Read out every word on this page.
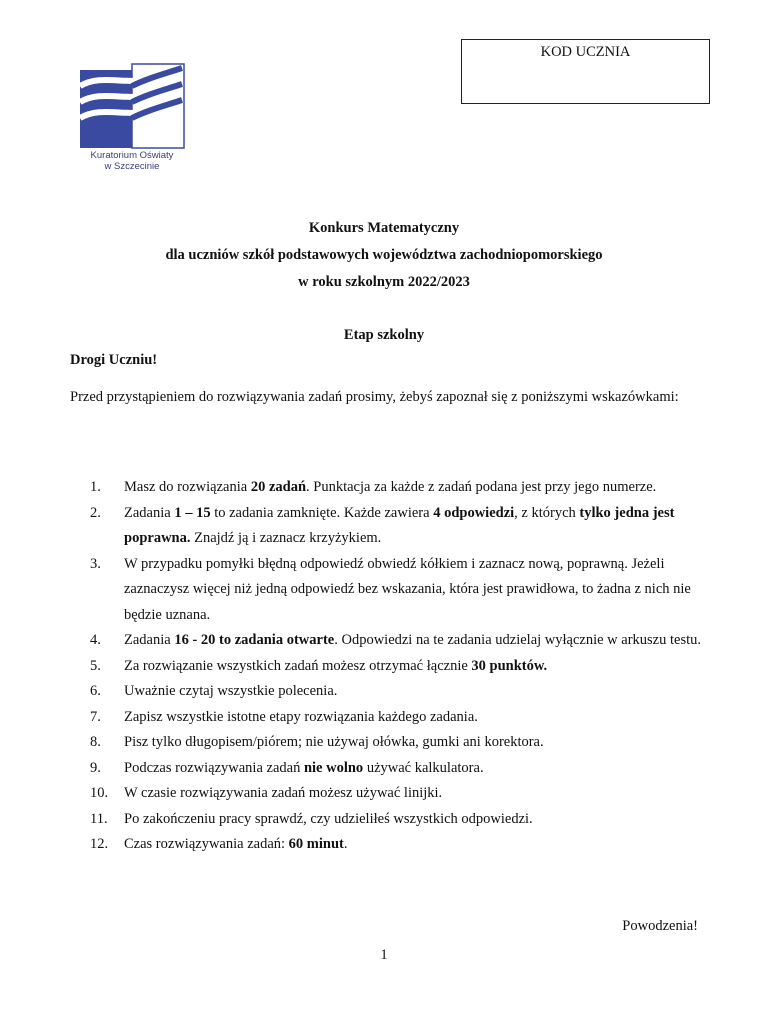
KOD UCZNIA
Kuratorium Oświaty
w Szczecinie
Konkurs Matematyczny
dla uczniów szkół podstawowych województwa zachodniopomorskiego
w roku szkolnym 2022/2023
Etap szkolny
Drogi Uczniu!
Przed przystąpieniem do rozwiązywania zadań prosimy, żebyś zapoznał się z poniższymi wskazówkami:
1.	Masz do rozwiązania 20 zadań. Punktacja za każde z zadań podana jest przy jego numerze.
2.	Zadania 1 – 15 to zadania zamknięte. Każde zawiera 4 odpowiedzi, z których tylko jedna jest poprawna. Znajdź ją i zaznacz krzyżykiem.
3.	W przypadku pomyłki błędną odpowiedź obwiedź kółkiem i zaznacz nową, poprawną. Jeżeli zaznaczysz więcej niż jedną odpowiedź bez wskazania, która jest prawidłowa, to żadna z nich nie będzie uznana.
4.	Zadania 16 - 20 to zadania otwarte. Odpowiedzi na te zadania udzielaj wyłącznie w arkuszu testu.
5.	Za rozwiązanie wszystkich zadań możesz otrzymać łącznie 30 punktów.
6.	Uważnie czytaj wszystkie polecenia.
7.	Zapisz wszystkie istotne etapy rozwiązania każdego zadania.
8.	Pisz tylko długopisem/piórem; nie używaj ołówka, gumki ani korektora.
9.	Podczas rozwiązywania zadań nie wolno używać kalkulatora.
10.	W czasie rozwiązywania zadań możesz używać linijki.
11.	Po zakończeniu pracy sprawdź, czy udzieliłeś wszystkich odpowiedzi.
12.	Czas rozwiązywania zadań: 60 minut.
Powodzenia!
1
